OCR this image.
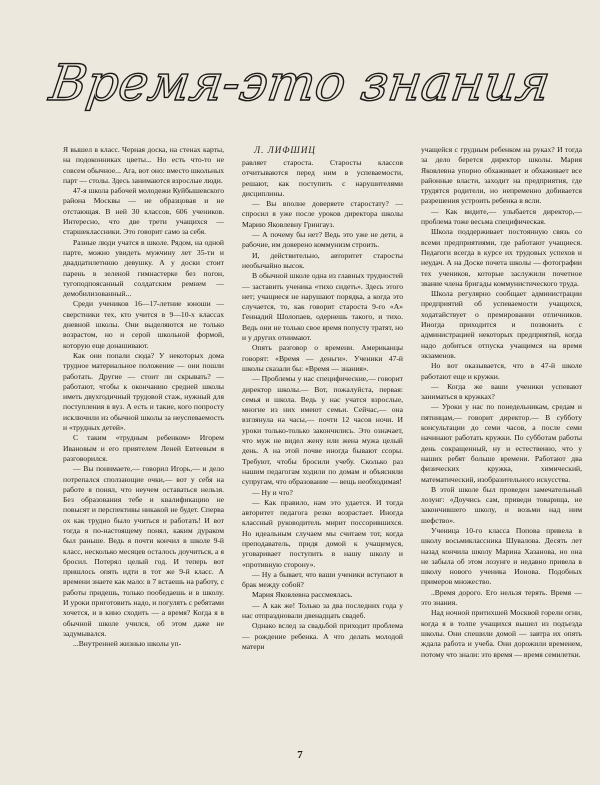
Время-это знания
Л. ЛИФШИЦ

Я вышел в класс. Черная доска, на стенах карты, на подоконниках цветы... Но есть что-то не совсем обычное... Ага, вот оно: вместо школьных парт — столы. Здесь занимаются взрослые люди.

47-я школа рабочей молодежи Куйбышевского района Москвы — не образцовая и не отстающая. В ней 30 классов, 606 учеников. Интересно, что две трети учащихся — старшеклассники. Это говорит само за себя.

Разные люди учатся в школе. Рядом, на одной парте, можно увидеть мужчину лет 35-ти и двадцатилетнюю девушку. А у доски стоит парень в зеленой гимнастерке без погон, тугоподпоясанный солдатским ремнем — демобилизованный...

Среди учеников 16—17-летние юноши — сверстники тех, кто учится в 9—10-х классах дневной школы. Они выделяются не только возрастом, но и серой школьной формой, которую еще донашивают.

Как они попали сюда? У некоторых дома трудное материальное положение — они пошли работать. Другие — стоит ли скрывать? — работают, чтобы к окончанию средней школы иметь двухгодичный трудовой стаж, нужный для поступления в вуз. А есть и такие, кого попросту исключили из обычной школы за неуспеваемость и «трудных детей».

С таким «трудным ребенком» Игорем Ивановым и его приятелем Леней Евтеевым я разговорился.

— Вы понимаете,— говорил Игорь,— и дело потрепался сползающие очки,— вот у себя на работе я понял, что неучем оставаться нельзя. Без образования тебе и квалификацию не повысят и перспективы никакой не будет. Сперва ох как трудно было учиться и работать! И вот тогда я по-настоящему понял, каким дураком был раньше. Ведь я почти кончил в школе 9-й класс, несколько месяцев осталось доучиться, а я бросил. Потерял целый год. И теперь вот пришлось опять идти в тот же 9-й класс. А времени знаете как мало: в 7 встаешь на работу, с работы придешь, только пообедаешь и в школу. И уроки приготовить надо, и погулять с ребятами хочется, и в кино сходить — а время? Когда я в обычной школе учился, об этом даже не задумывался.

...Внутренней жизнью школы уп-

равляет староста. Старосты классов отчитываются перед ним в успеваемости, решают, как поступить с нарушителями дисциплины.

— Вы вполне доверяете старостату? — спросил я уже после уроков директора школы Марию Яковлевну Грингауз.

— А почему бы нет? Ведь это уже не дети, а рабочие, им доверено коммунизм строить.

И, действительно, авторитет старосты необычайно высок.

В обычной школе одна из главных трудностей — заставить ученика «тихо сидеть». Здесь этого нет; учащиеся не нарушают порядка, а когда это случается, то, как говорит староста 9-го «А» Геннадий Шолопаев, одернешь такого, и тихо. Ведь они не только свое время попусту тратят, но и у других отнимают.

Опять разговор о времени. Американцы говорят: «Время — деньги». Ученики 47-й школы сказали бы: «Время — знания».

— Проблемы у нас специфические,— говорит директор школы.— Вот, пожалуйста, первая: семья и школа. Ведь у нас учатся взрослые, многие из них имеют семьи. Сейчас,— она взглянула на часы,— почти 12 часов ночи. И уроки только-только закончились. Это означает, что муж не видел жену или жена мужа целый день. А на этой почве иногда бывают ссоры. Требуют, чтобы бросили учебу. Сколько раз нашим педагогам ходили по домам и объясняли супругам, что образование — вещь необходимая!

— Ну и что?

— Как правило, нам это удается. И тогда авторитет педагога резко возрастает. Иногда классный руководитель мирит поссорившихся. Но идеальным случаем мы считаем тот, когда преподаватель, придя домой к учащемуся, уговаривает поступить в нашу школу и «противную сторону».

— Ну а бывает, что ваши ученики вступают в брак между собой?

Мария Яковлевна рассмеялась.

— А как же! Только за два последних года у нас отпраздновали двенадцать свадеб.

Однако вслед за свадьбой приходит проблема — рождение ребенка. А что делать молодой матери

учащейся с грудным ребенком на руках? И тогда за дело берется директор школы. Мария Яковлевна упорно обхаживает и обхаживает все районные власти, заходит на предприятия, где трудятся родители, но непременно добивается разрешения устроить ребенка в ясли.

— Как видите,— улыбается директор,— проблема тоже весьма специфическая.

Школа поддерживает постоянную связь со всеми предприятиями, где работают учащиеся. Педагоги всегда в курсе их трудовых успехов и неудач. А на Доске почета школы — фотографии тех учеников, которые заслужили почетное звание члена бригады коммунистического труда.

Школа регулярно сообщает администрации предприятий об успеваемости учащихся, ходатайствует о премировании отличников. Иногда приходится и позвонить с администрацией некоторых предприятий, когда надо добиться отпуска учащимся на время экзаменов.

Но вот оказывается, что в 47-й школе работают еще и кружки.

— Когда же ваши ученики успевают заниматься в кружках?

— Уроки у нас по понедельникам, средам и пятницам,— говорит директор.— В субботу консультации до семи часов, а после семи начинают работать кружки. По субботам работы день сокращенный, ну и естественно, что у наших ребят больше времени. Работают два физических кружка, химический, математический, изобразительного искусства.

В этой школе был проведен замечательный лозунг: «Доучись сам, приведи товарища, не закончившего школу, и возьми над ним шефство».

Ученица 10-го класса Попова привела в школу восьмиклассника Шувалова. Десять лет назад кончила школу Марина Хазанова, но она не забыла об этом лозунге и недавно привела в школу нового ученика Ионова. Подобных примеров множество.

..Время дорого. Его нельзя терять. Время — это знания.

Над ночной притихшей Москвой горели огни, когда я в толпе учащихся вышел из подъезда школы. Они спешили домой — завтра их опять ждала работа и учеба. Они дорожили временем, потому что знали: это время — время семилетки.

7
